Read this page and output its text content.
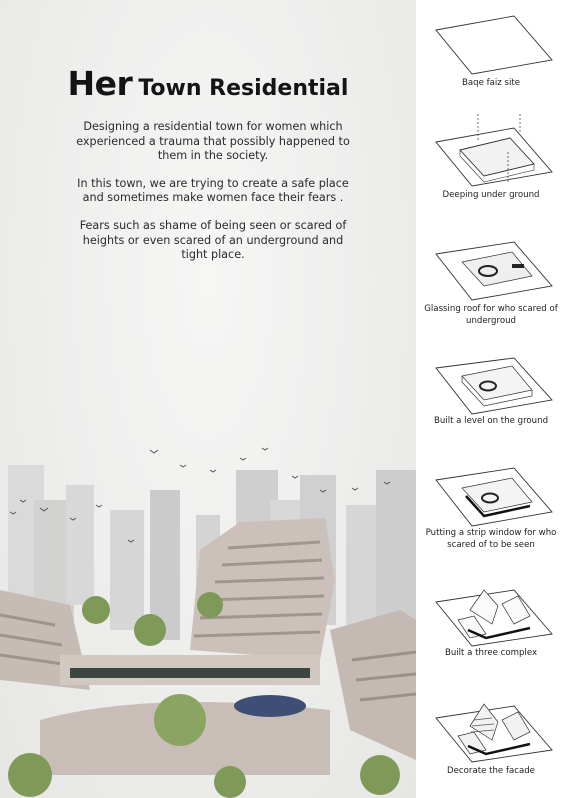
Her Town Residential

Designing a residential town for women which experienced a trauma that possibly happened to them in the society.

In this town, we are trying to create a safe place and sometimes make women face their fears .

Fears such as shame of being seen or scared of heights or even scared of an underground and tight place.

Baqe faiz site
Deeping under ground
Glassing roof for who scared of undergroud
Built a level on the ground
Putting a strip window for who scared of to be seen
Built a three complex
Decorate the facade
